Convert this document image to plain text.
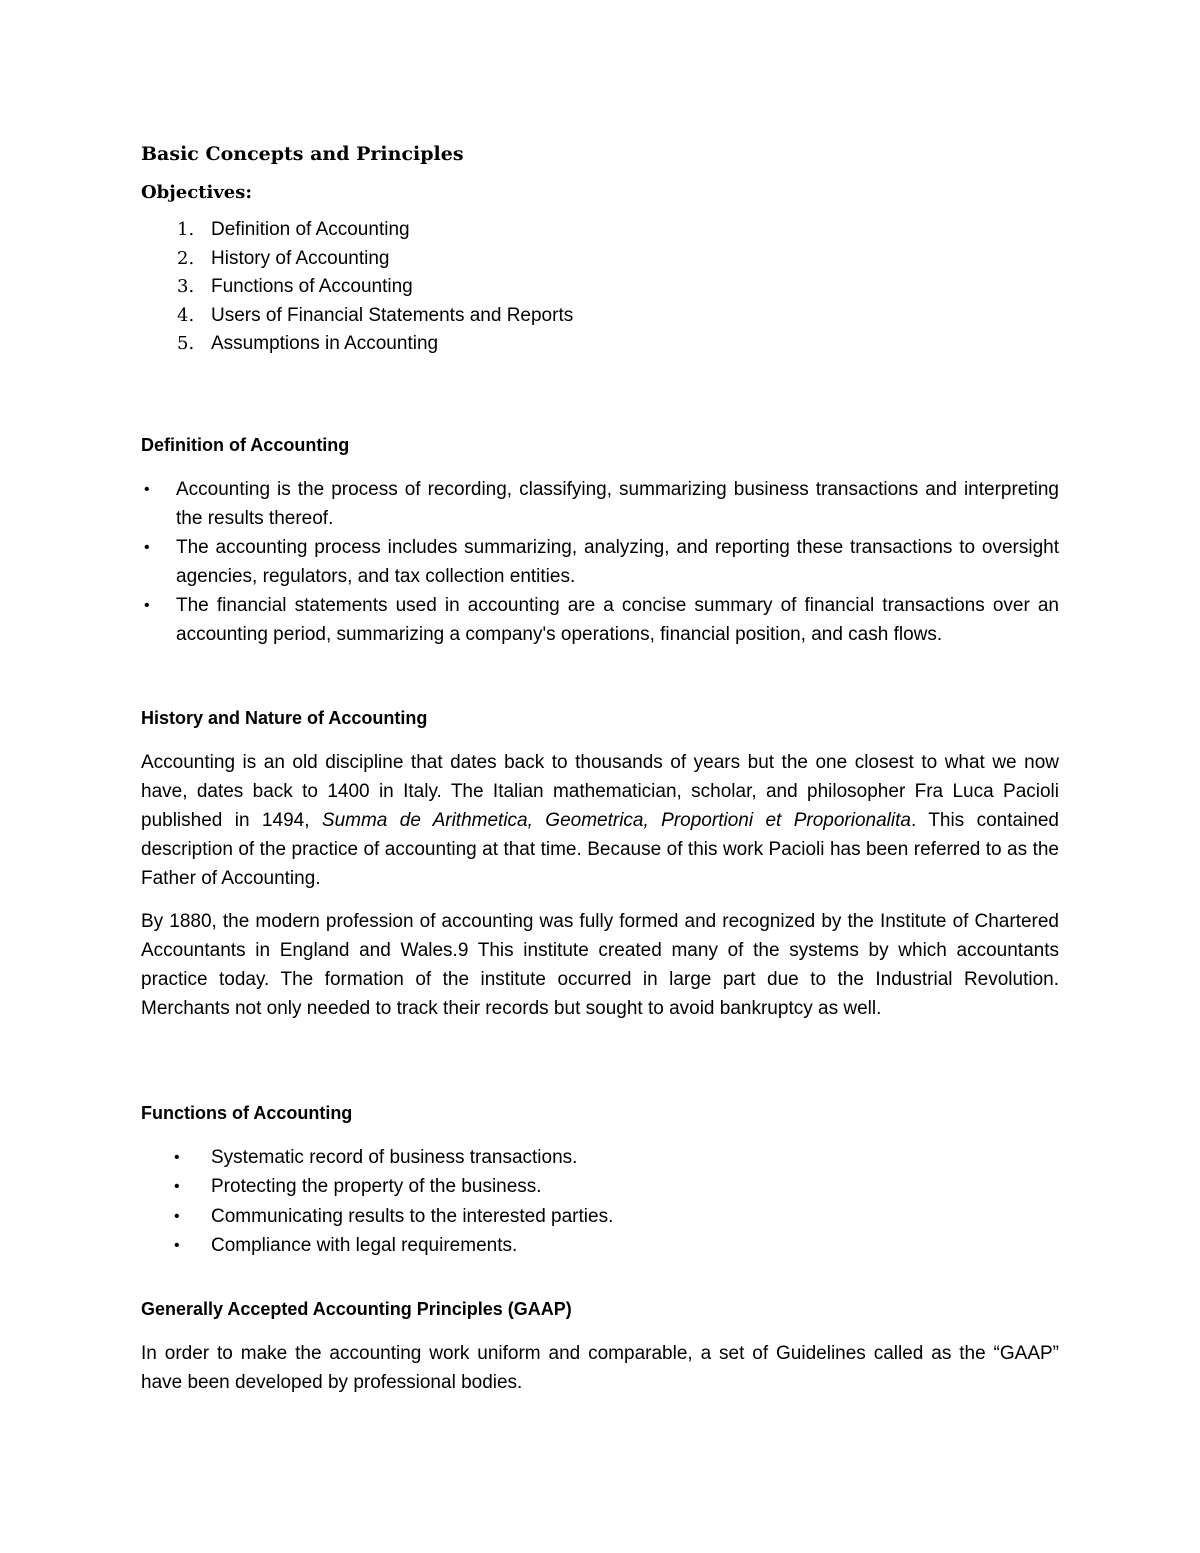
Basic Concepts and Principles
Objectives:
1. Definition of Accounting
2. History of Accounting
3. Functions of Accounting
4. Users of Financial Statements and Reports
5. Assumptions in Accounting
Definition of Accounting
• Accounting is the process of recording, classifying, summarizing business transactions and interpreting the results thereof.
• The accounting process includes summarizing, analyzing, and reporting these transactions to oversight agencies, regulators, and tax collection entities.
• The financial statements used in accounting are a concise summary of financial transactions over an accounting period, summarizing a company's operations, financial position, and cash flows.
History and Nature of Accounting

Accounting is an old discipline that dates back to thousands of years but the one closest to what we now have, dates back to 1400 in Italy. The Italian mathematician, scholar, and philosopher Fra Luca Pacioli published in 1494, Summa de Arithmetica, Geometrica, Proportioni et Proporionalita. This contained description of the practice of accounting at that time. Because of this work Pacioli has been referred to as the Father of Accounting.

By 1880, the modern profession of accounting was fully formed and recognized by the Institute of Chartered Accountants in England and Wales.9 This institute created many of the systems by which accountants practice today. The formation of the institute occurred in large part due to the Industrial Revolution. Merchants not only needed to track their records but sought to avoid bankruptcy as well.

Functions of Accounting
• Systematic record of business transactions.
• Protecting the property of the business.
• Communicating results to the interested parties.
• Compliance with legal requirements.
Generally Accepted Accounting Principles (GAAP)

In order to make the accounting work uniform and comparable, a set of Guidelines called as the “GAAP” have been developed by professional bodies.
